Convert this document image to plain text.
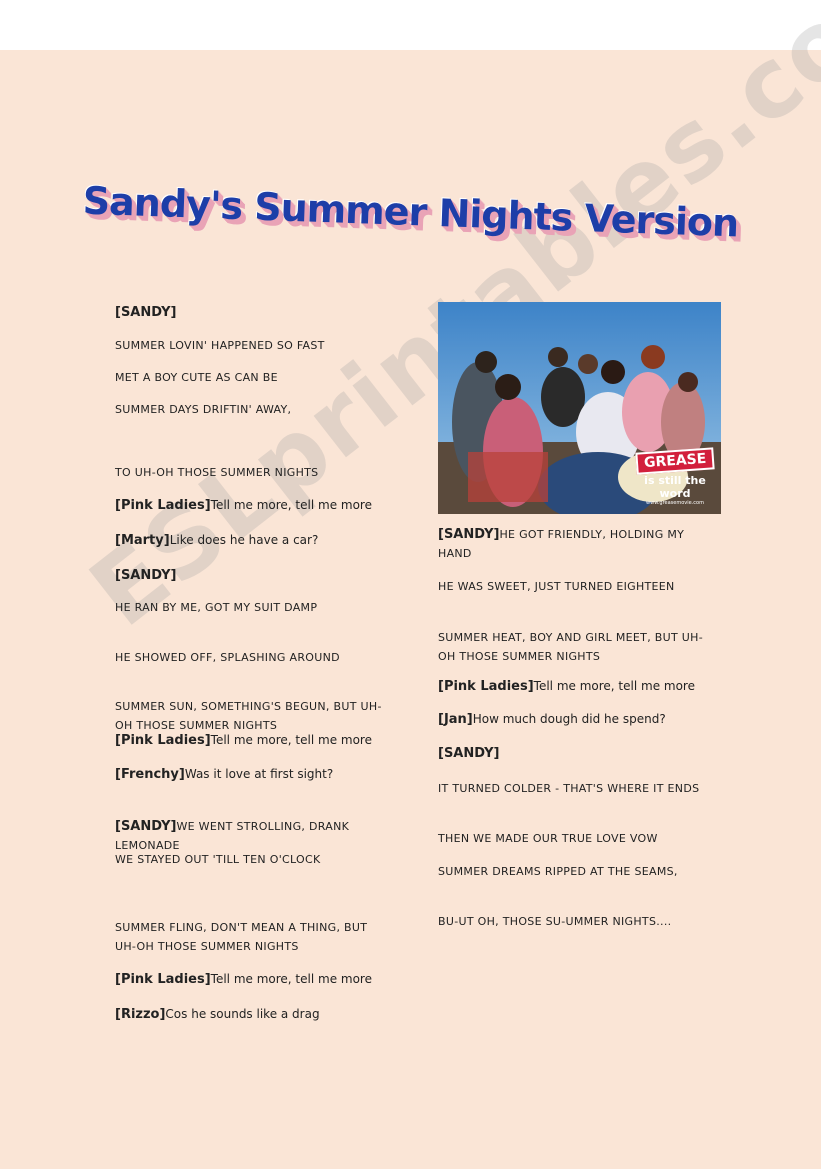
Sandy's Summer Nights Version
GREASE
is still the word
www.greasemovie.com
[SANDY]
SUMMER LOVIN' HAPPENED SO FAST
MET A BOY CUTE AS CAN BE
SUMMER DAYS DRIFTIN' AWAY,
TO UH-OH THOSE SUMMER NIGHTS
[Pink Ladies]Tell me more, tell me more
[Marty]Like does he have a car?
[SANDY]
HE RAN BY ME, GOT MY SUIT DAMP
HE SHOWED OFF, SPLASHING AROUND
SUMMER SUN, SOMETHING'S BEGUN, BUT UH-OH THOSE SUMMER NIGHTS
[Pink Ladies]Tell me more, tell me more
[Frenchy]Was it love at first sight?
[SANDY]WE WENT STROLLING, DRANK LEMONADE
WE STAYED OUT 'TILL TEN O'CLOCK
SUMMER FLING, DON'T MEAN A THING, BUT UH-OH THOSE SUMMER NIGHTS
[Pink Ladies]Tell me more, tell me more
[Rizzo]Cos he sounds like a drag
[SANDY]HE GOT FRIENDLY, HOLDING MY HAND
HE WAS SWEET, JUST TURNED EIGHTEEN
SUMMER HEAT, BOY AND GIRL MEET, BUT UH-OH THOSE SUMMER NIGHTS
[Pink Ladies]Tell me more, tell me more
[Jan]How much dough did he spend?
[SANDY]
IT TURNED COLDER - THAT'S WHERE IT ENDS
THEN WE MADE OUR TRUE LOVE VOW
SUMMER DREAMS RIPPED AT THE SEAMS,
BU-UT OH, THOSE SU-UMMER NIGHTS....
